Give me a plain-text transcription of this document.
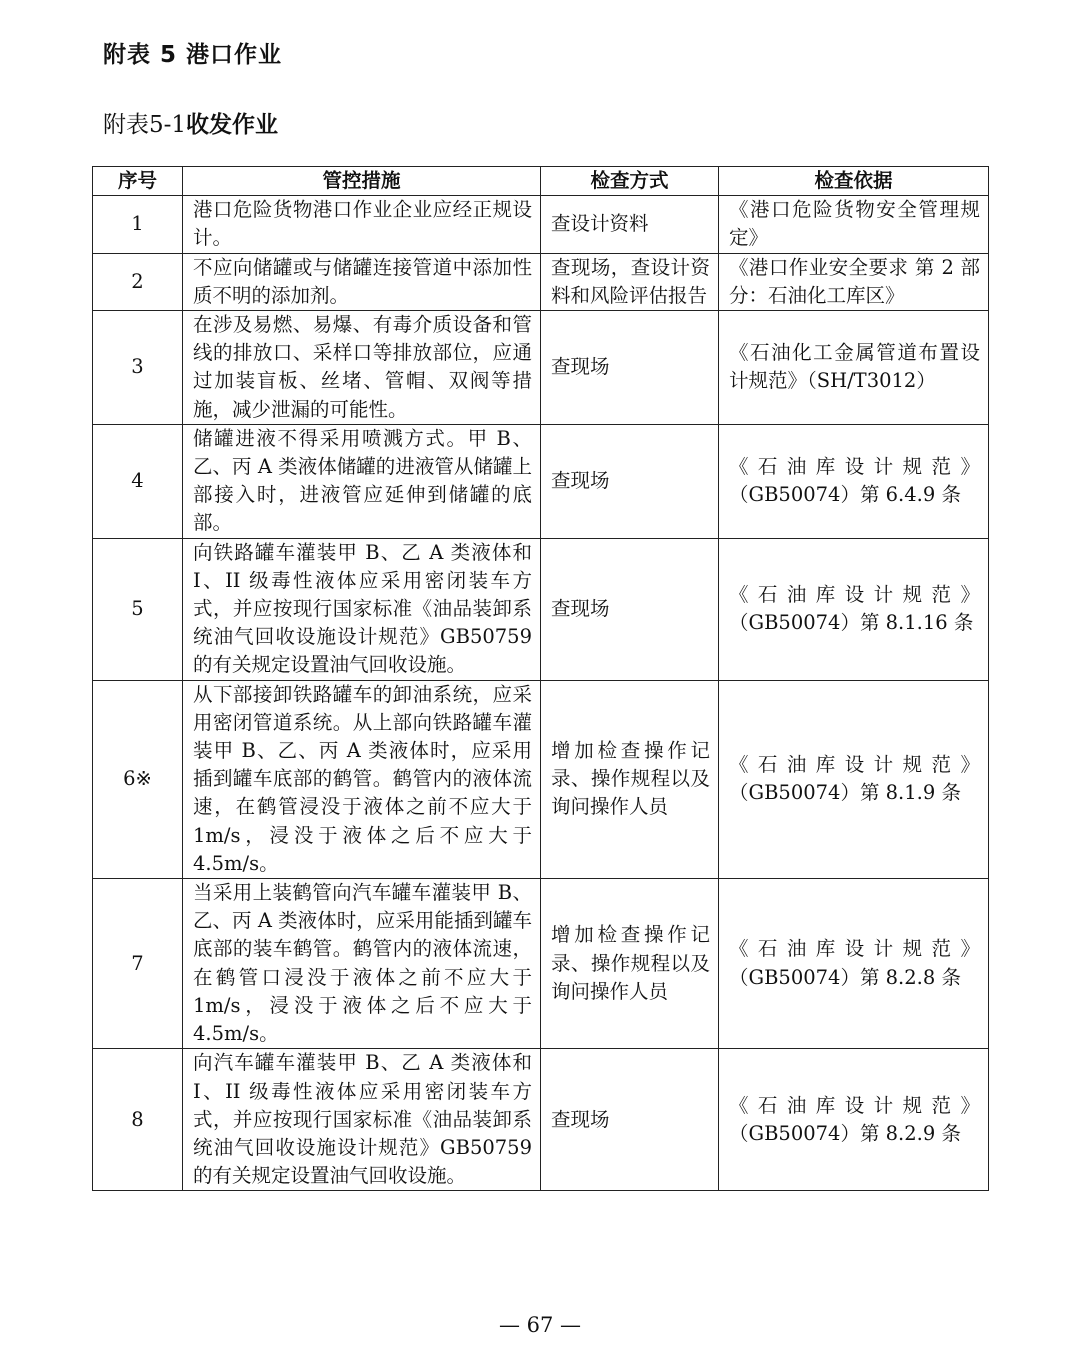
附表 5 港口作业
附表5-1收发作业
序号	管控措施	检查方式	检查依据
1	港口危险货物港口作业企业应经正规设计。	查设计资料	《港口危险货物安全管理规定》
2	不应向储罐或与储罐连接管道中添加性质不明的添加剂。	查现场，查设计资料和风险评估报告	《港口作业安全要求 第 2 部分：石油化工库区》
3	在涉及易燃、易爆、有毒介质设备和管线的排放口、采样口等排放部位，应通过加装盲板、丝堵、管帽、双阀等措施，减少泄漏的可能性。	查现场	《石油化工金属管道布置设计规范》（SH/T3012）
4	储罐进液不得采用喷溅方式。甲 B、乙、丙 A 类液体储罐的进液管从储罐上部接入时，进液管应延伸到储罐的底部。	查现场	《石油库设计规范》（GB50074）第 6.4.9 条
5	向铁路罐车灌装甲 B、乙 A 类液体和 I、II 级毒性液体应采用密闭装车方式，并应按现行国家标准《油品装卸系统油气回收设施设计规范》GB50759 的有关规定设置油气回收设施。	查现场	《石油库设计规范》（GB50074）第 8.1.16 条
6※	从下部接卸铁路罐车的卸油系统，应采用密闭管道系统。从上部向铁路罐车灌装甲 B、乙、丙 A 类液体时，应采用插到罐车底部的鹤管。鹤管内的液体流速，在鹤管浸没于液体之前不应大于 1m/s，浸没于液体之后不应大于 4.5m/s。	增加检查操作记录、操作规程以及询问操作人员	《石油库设计规范》（GB50074）第 8.1.9 条
7	当采用上装鹤管向汽车罐车灌装甲 B、乙、丙 A 类液体时，应采用能插到罐车底部的装车鹤管。鹤管内的液体流速，在鹤管口浸没于液体之前不应大于 1m/s，浸没于液体之后不应大于 4.5m/s。	增加检查操作记录、操作规程以及询问操作人员	《石油库设计规范》（GB50074）第 8.2.8 条
8	向汽车罐车灌装甲 B、乙 A 类液体和 I、II 级毒性液体应采用密闭装车方式，并应按现行国家标准《油品装卸系统油气回收设施设计规范》GB50759 的有关规定设置油气回收设施。	查现场	《石油库设计规范》（GB50074）第 8.2.9 条
— 67 —
